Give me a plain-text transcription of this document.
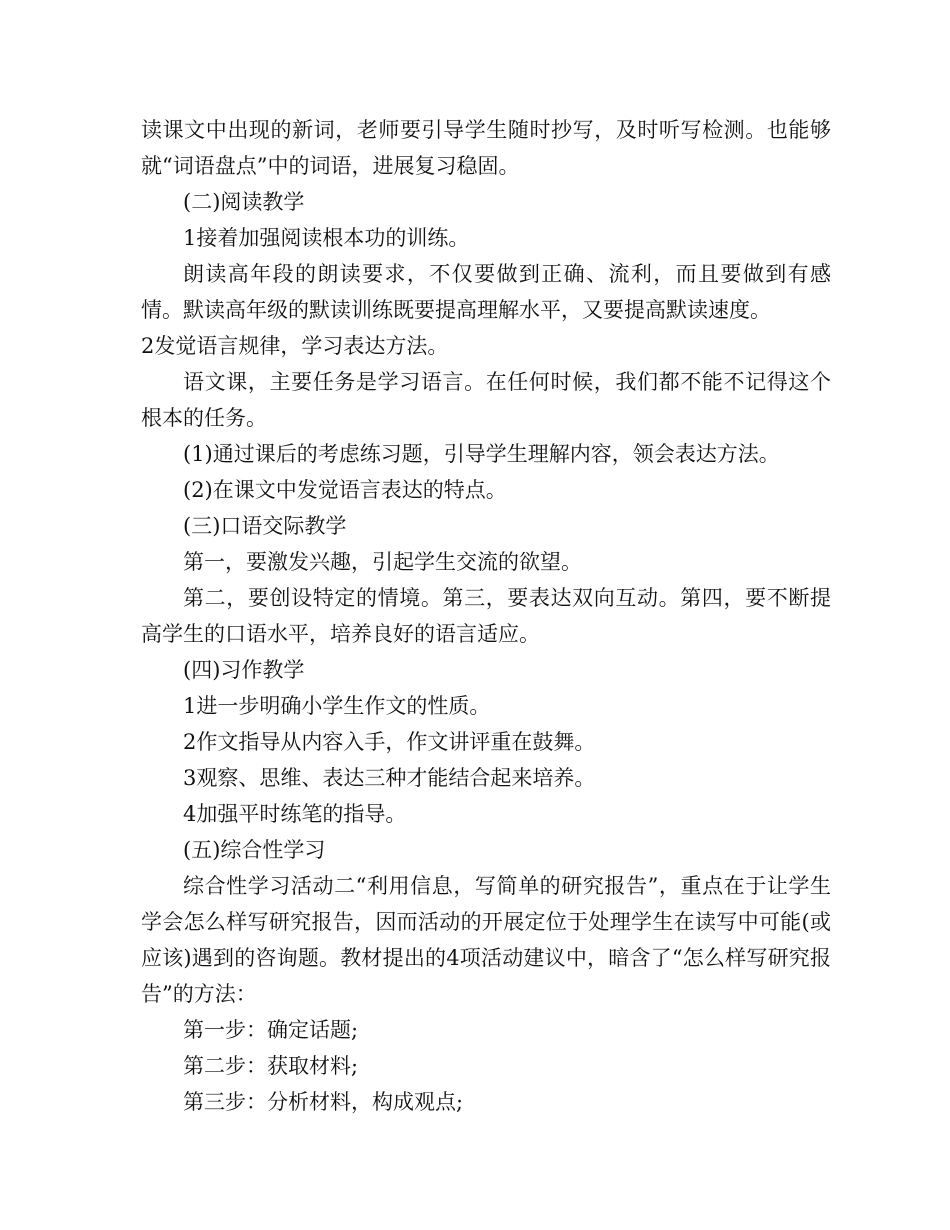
读课文中出现的新词，老师要引导学生随时抄写，及时听写检测。也能够就“词语盘点”中的词语，进展复习稳固。

(二)阅读教学

1接着加强阅读根本功的训练。

朗读高年段的朗读要求，不仅要做到正确、流利，而且要做到有感情。默读高年级的默读训练既要提高理解水平，又要提高默读速度。

2发觉语言规律，学习表达方法。

语文课，主要任务是学习语言。在任何时候，我们都不能不记得这个根本的任务。

(1)通过课后的考虑练习题，引导学生理解内容，领会表达方法。

(2)在课文中发觉语言表达的特点。

(三)口语交际教学

第一，要激发兴趣，引起学生交流的欲望。

第二，要创设特定的情境。第三，要表达双向互动。第四，要不断提高学生的口语水平，培养良好的语言适应。

(四)习作教学

1进一步明确小学生作文的性质。

2作文指导从内容入手，作文讲评重在鼓舞。

3观察、思维、表达三种才能结合起来培养。

4加强平时练笔的指导。

(五)综合性学习

综合性学习活动二“利用信息，写简单的研究报告”，重点在于让学生学会怎么样写研究报告，因而活动的开展定位于处理学生在读写中可能(或应该)遇到的咨询题。教材提出的4项活动建议中，暗含了“怎么样写研究报告”的方法：

第一步：确定话题;

第二步：获取材料;

第三步：分析材料，构成观点;
